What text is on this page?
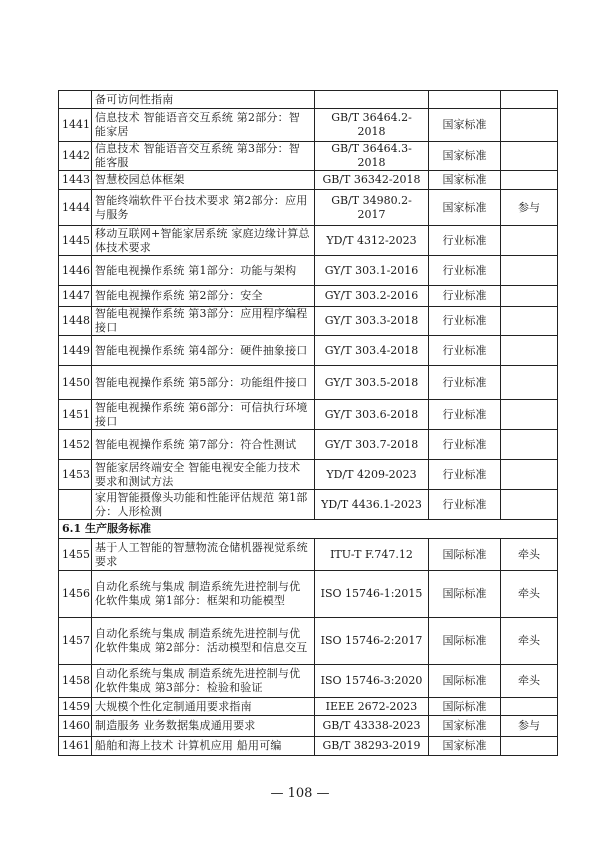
	备可访问性指南			
1441	信息技术 智能语音交互系统 第2部分：智能家居	GB/T 36464.2-2018	国家标准	
1442	信息技术 智能语音交互系统 第3部分：智能客服	GB/T 36464.3-2018	国家标准	
1443	智慧校园总体框架	GB/T 36342-2018	国家标准	
1444	智能终端软件平台技术要求 第2部分：应用与服务	GB/T 34980.2-2017	国家标准	参与
1445	移动互联网+智能家居系统 家庭边缘计算总体技术要求	YD/T 4312-2023	行业标准	
1446	智能电视操作系统 第1部分：功能与架构	GY/T 303.1-2016	行业标准	
1447	智能电视操作系统 第2部分：安全	GY/T 303.2-2016	行业标准	
1448	智能电视操作系统 第3部分：应用程序编程接口	GY/T 303.3-2018	行业标准	
1449	智能电视操作系统 第4部分：硬件抽象接口	GY/T 303.4-2018	行业标准	
1450	智能电视操作系统 第5部分：功能组件接口	GY/T 303.5-2018	行业标准	
1451	智能电视操作系统 第6部分：可信执行环境接口	GY/T 303.6-2018	行业标准	
1452	智能电视操作系统 第7部分：符合性测试	GY/T 303.7-2018	行业标准	
1453	智能家居终端安全 智能电视安全能力技术要求和测试方法	YD/T 4209-2023	行业标准	
	家用智能摄像头功能和性能评估规范 第1部分：人形检测	YD/T 4436.1-2023	行业标准	
6.1 生产服务标准				
1455	基于人工智能的智慧物流仓储机器视觉系统要求	ITU-T F.747.12	国际标准	牵头
1456	自动化系统与集成 制造系统先进控制与优化软件集成 第1部分：框架和功能模型	ISO 15746-1:2015	国际标准	牵头
1457	自动化系统与集成 制造系统先进控制与优化软件集成 第2部分：活动模型和信息交互	ISO 15746-2:2017	国际标准	牵头
1458	自动化系统与集成 制造系统先进控制与优化软件集成 第3部分：检验和验证	ISO 15746-3:2020	国际标准	牵头
1459	大规模个性化定制通用要求指南	IEEE 2672-2023	国际标准	
1460	制造服务 业务数据集成通用要求	GB/T 43338-2023	国家标准	参与
1461	船舶和海上技术 计算机应用 船用可编	GB/T 38293-2019	国家标准	
— 108 —
